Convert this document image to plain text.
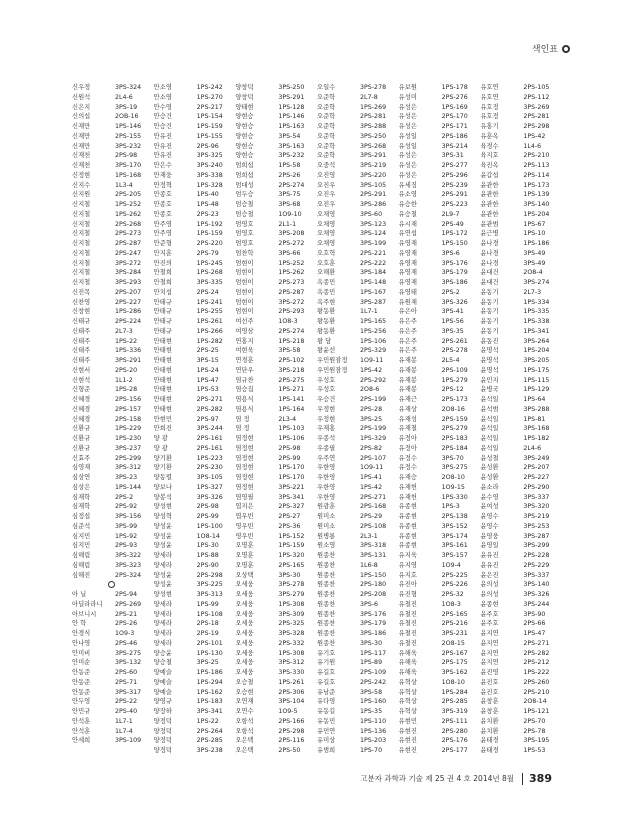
색인표
신우정	3PS-324
신원석	2L4-6
신은지	3PS-19
신의섭	2OB-16
신재만	1PS-146
신재만	2PS-155
신재만	3PS-232
신재천	2PS-98
신재천	3PS-170
신정현	1PS-168
신지수	1L3-4
신지원	2PS-205
신지철	1PS-252
신지철	1PS-262
신지철	2PS-268
신지철	2PS-273
신지철	2PS-287
신지철	2PS-247
신지철	3PS-272
신지철	3PS-284
신지철	3PS-293
신진목	2PS-207
신찬영	2PS-227
신창현	1PS-286
신태규	2PS-224
신태주	2L7-3
신태주	1PS-22
신태주	1PS-336
신태주	3PS-291
신현서	2PS-20
신현석	1L1-2
신형준	1PS-28
신혜경	2PS-156
신혜경	2PS-157
신혜경	2PS-158
신환규	1PS-229
신환규	1PS-230
신환규	3PS-237
신효주	2PS-299
심영재	3PS-312
심상연	3PS-23
심상은	1PS-144
심재학	2PS-2
심재학	2PS-92
심정섭	3PS-156
심준석	3PS-99
심지민	1PS-92
심지민	2PS-93
심해림	3PS-322
심해림	3PS-323
심해진	2PS-324
아 닐	2PS-94
아딜라라니	2PS-269
아브니시	2PS-21
안 학	2PS-26
안경식	1O9-3
안나영	2PS-46
안미비	3PS-275
안미순	3PS-132
안동준	2PS-60
안동준	2PS-71
안동준	3PS-317
안두영	2PS-22
안민규	2PS-40
안석훈	1L7-1
안석훈	1L7-4
안세희	3PS-109
안소영	1PS-242
안소영	1PS-270
안수영	2PS-217
안승건	1PS-154
안승건	1PS-159
안유진	1PS-155
안유진	2PS-96
안유진	3PS-325
안은수	3PS-240
안재웅	3PS-338
안정혁	1PS-328
안종호	1PS-40
안종호	1PS-48
안종호	2PS-23
안주영	1PS-192
안주영	1PS-159
안준형	2PS-220
안지훈	2PS-79
안진의	1PS-245
안철희	1PS-268
안철희	3PS-335
안치섭	2PS-24
안태규	1PS-241
안태규	1PS-255
안태규	1PS-261
안태규	1PS-266
안태현	1PS-282
안태현	2PS-25
안태현	3PS-15
안태현	1PS-24
안태현	1PS-47
안태현	1PS-53
안태현	2PS-271
안태현	2PS-282
안현민	2PS-97
안희진	3PS-244
양 광	2PS-161
양 광	2PS-161
양기환	1PS-223
양기환	2PS-230
양동렬	3PS-105
양보나	1PS-327
양봉석	3PS-326
양성현	2PS-98
양성혁	2PS-99
양성윤	1PS-100
양성윤	1O8-14
양성윤	1PS-30
양세라	1PS-88
양세라	2PS-90
양성윤	2PS-298
양성윤	3PS-225
양성현	3PS-313
양세라	1PS-99
양세라	1PS-108
양세라	2PS-18
양세라	2PS-19
양세라	2PS-101
양승윤	1PS-130
양승철	3PS-25
양예슬	1PS-186
양예슬	1PS-294
양예슬	1PS-162
양영규	1PS-183
양장하	3PS-341
양정덕	1PS-22
양정덕	2PS-264
양정덕	2PS-285
양정덕	3PS-238
양창덕	3PS-250
양창덕	3PS-291
양태현	1PS-128
양현승	1PS-146
양현승	1PS-163
양현승	3PS-54
양현승	3PS-163
양현승	3PS-232
엄희섭	1PS-58
엄희섭	2PS-26
엄대성	2PS-274
엄두승	3PS-75
엄승철	3PS-68
엄승철	1O9-10
엄영호	2L1-1
엄영호	3PS-208
엄영호	2PS-272
엄찬학	3PS-66
엄현이	1PS-252
엄현이	1PS-262
엄현이	2PS-273
엄현이	2PS-287
엄현이	3PS-272
엄현이	2PS-293
여선주	1O8-3
여영삼	2PS-274
연홍지	1PS-218
여현욱	3PS-58
연경훈	2PS-102
연단우	3PS-218
염규찬	2PS-275
염승집	1PS-271
염용식	1PS-141
염용식	1PS-164
염 정	2L3-4
염 정	1PS-103
염정현	1PS-106
염정현	2PS-98
염정현	2PS-99
염정현	1PS-170
염정현	1PS-170
염정현	3PS-221
염영필	3PS-341
엽지은	2PS-327
엽우빈	2PS-27
영우빈	2PS-36
영우빈	1PS-152
오명훈	1PS-159
오명훈	1PS-320
오명훈	2PS-165
오상택	3PS-30
오세웅	3PS-278
오세웅	3PS-279
오세웅	1PS-308
오세웅	3PS-309
오세웅	2PS-325
오세웅	3PS-328
오세웅	2PS-332
오세웅	1PS-308
오세웅	3PS-312
오세웅	3PS-330
오승철	1PS-261
오승현	2PS-306
오연재	3PS-104
오연수	1O9-5
오항석	2PS-166
오항석	2PS-298
오은택	2PS-116
오은택	2PS-50
오일수	3PS-278
오준학	2L7-8
오준학	1PS-269
오준학	2PS-281
오준학	3PS-288
오준학	3PS-250
오준학	3PS-268
오준학	3PS-291
오중석	3PS-219
오진영	3PS-220
오진우	3PS-105
오진우	2PS-291
오진우	3PS-286
오채영	3PS-60
오채영	3PS-123
오채영	3PS-124
오채영	3PS-199
오호혁	2PS-221
오호훈	2PS-222
오해환	3PS-184
옥종민	1PS-148
옥종민	1PS-167
옥주현	3PS-287
왕동환	1L7-1
왕동환	1PS-165
왕동환	1PS-256
왕 담	1PS-106
왕윤선	2PS-329
우민원잠정	1O9-11
우민원잠정	1PS-42
우성호	2PS-292
우성호	2O8-6
우승건	2PS-199
우정현	2PS-28
우정현	3PS-25
우재홍	2PS-199
우종석	1PS-329
우종필	2PS-82
우주연	2PS-107
우한영	1O9-11
우한영	1PS-41
우한영	1PS-42
우한영	2PS-271
원광훈	2PS-168
원미소	2PS-29
원미소	2PS-108
원병룡	2L3-1
원소영	3PS-318
원종찬	3PS-131
원종찬	1L6-8
원종찬	1PS-150
원종찬	2PS-180
원종찬	2PS-208
원종찬	3PS-6
원종찬	3PS-176
원종찬	3PS-179
원종찬	3PS-186
원종찬	3PS-30
유기호	1PS-117
유기원	1PS-89
유길호	2PS-109
유길호	2PS-242
유남준	3PS-58
유다영	1PS-160
유동길	1PS-35
유동민	1PS-110
유민연	1PS-136
유미상	1PS-203
유범희	1PS-70
유보원	1PS-178
유성미	2PS-276
유성은	1PS-169
유성은	2PS-170
유성은	2PS-171
유성일	2PS-186
유성일	3PS-214
유성은	3PS-31
유성은	2PS-277
유성은	2PS-296
유세징	2PS-239
유소영	2PS-291
유승한	2PS-223
유승철	2L9-7
유시재	2PS-49
유연섭	1PS-172
유영재	1PS-150
유영재	3PS-6
유영재	3PS-176
유영재	3PS-179
유영재	3PS-186
유영태	2PS-2
유원재	3PS-326
유은아	3PS-41
유은주	1PS-56
유은주	3PS-35
유은주	2PS-261
유은주	2PS-278
유재봉	2L5-4
유재봉	2PS-109
유재봉	1PS-279
유재봉	2PS-12
유재근	2PS-173
유재상	2O8-16
유재성	2PS-159
유재철	2PS-279
유정아	2PS-183
유정아	2PS-184
유정수	3PS-70
유정수	3PS-275
유재승	2O8-10
유재헌	1O9-15
유재헌	1PS-330
유종현	1PS-3
유종현	2PS-138
유종현	3PS-152
유종현	3PS-174
유종현	3PS-161
유지욱	3PS-157
유지영	1O9-4
유지호	2PS-225
유진아	2PS-226
유진형	2PS-32
유철진	1O8-3
유철진	2PS-165
유철진	2PS-216
유철진	3PS-231
유철진	2O8-15
유해욱	2PS-167
유해욱	2PS-175
유해욱	3PS-162
유혁상	1O8-10
유혁상	1PS-284
유혁상	2PS-285
유혁상	3PS-319
유현민	2PS-111
유현진	2PS-280
유현진	2PS-176
유현진	2PS-177
유호연	2PS-105
유호연	2PS-112
유호정	3PS-269
유호정	2PS-281
유홍기	2PS-298
유훈옥	1PS-42
육경수	1L4-6
육지호	2PS-210
육진옥	2PS-113
윤갑섭	2PS-114
윤관한	1PS-173
윤관한	1PS-139
윤관한	3PS-140
윤관한	1PS-204
윤관범	1PS-67
윤근병	1PS-10
윤나경	1PS-186
윤나경	3PS-49
윤나경	3PS-49
윤대건	2O8-4
윤대건	3PS-274
윤동기	2L7-3
윤동기	1PS-334
윤동기	1PS-335
윤동기	1PS-338
윤동기	1PS-341
윤동진	3PS-264
윤명석	1PS-204
윤명석	3PS-205
윤명석	1PS-175
윤민지	1PS-115
윤병국	1PS-129
윤석일	1PS-64
윤석범	3PS-288
윤석일	1PS-81
윤석일	3PS-168
윤석일	1PS-182
윤석일	2L4-6
윤성철	3PS-249
윤성환	2PS-207
윤성환	2PS-227
윤소라	2PS-290
윤수영	3PS-337
윤여성	3PS-320
윤영수	3PS-219
윤영수	3PS-253
윤영웅	3PS-287
윤영일	3PS-299
윤유진	2PS-228
윤유진	2PS-229
윤은진	3PS-337
윤의성	3PS-140
윤의성	3PS-326
윤종현	3PS-244
윤주호	3PS-90
윤주호	2PS-66
윤지연	1PS-47
윤지연	2PS-271
윤지연	2PS-282
윤지연	2PS-212
윤진영	1PS-222
윤진호	2PS-260
윤진호	2PS-210
윤창훈	2O8-14
윤창훈	1PS-121
윤치환	2PS-70
윤치환	2PS-78
윤태경	3PS-195
윤태경	1PS-53
고분자 과학과 기술 제 25 권 4 호 2014년 8월 389
